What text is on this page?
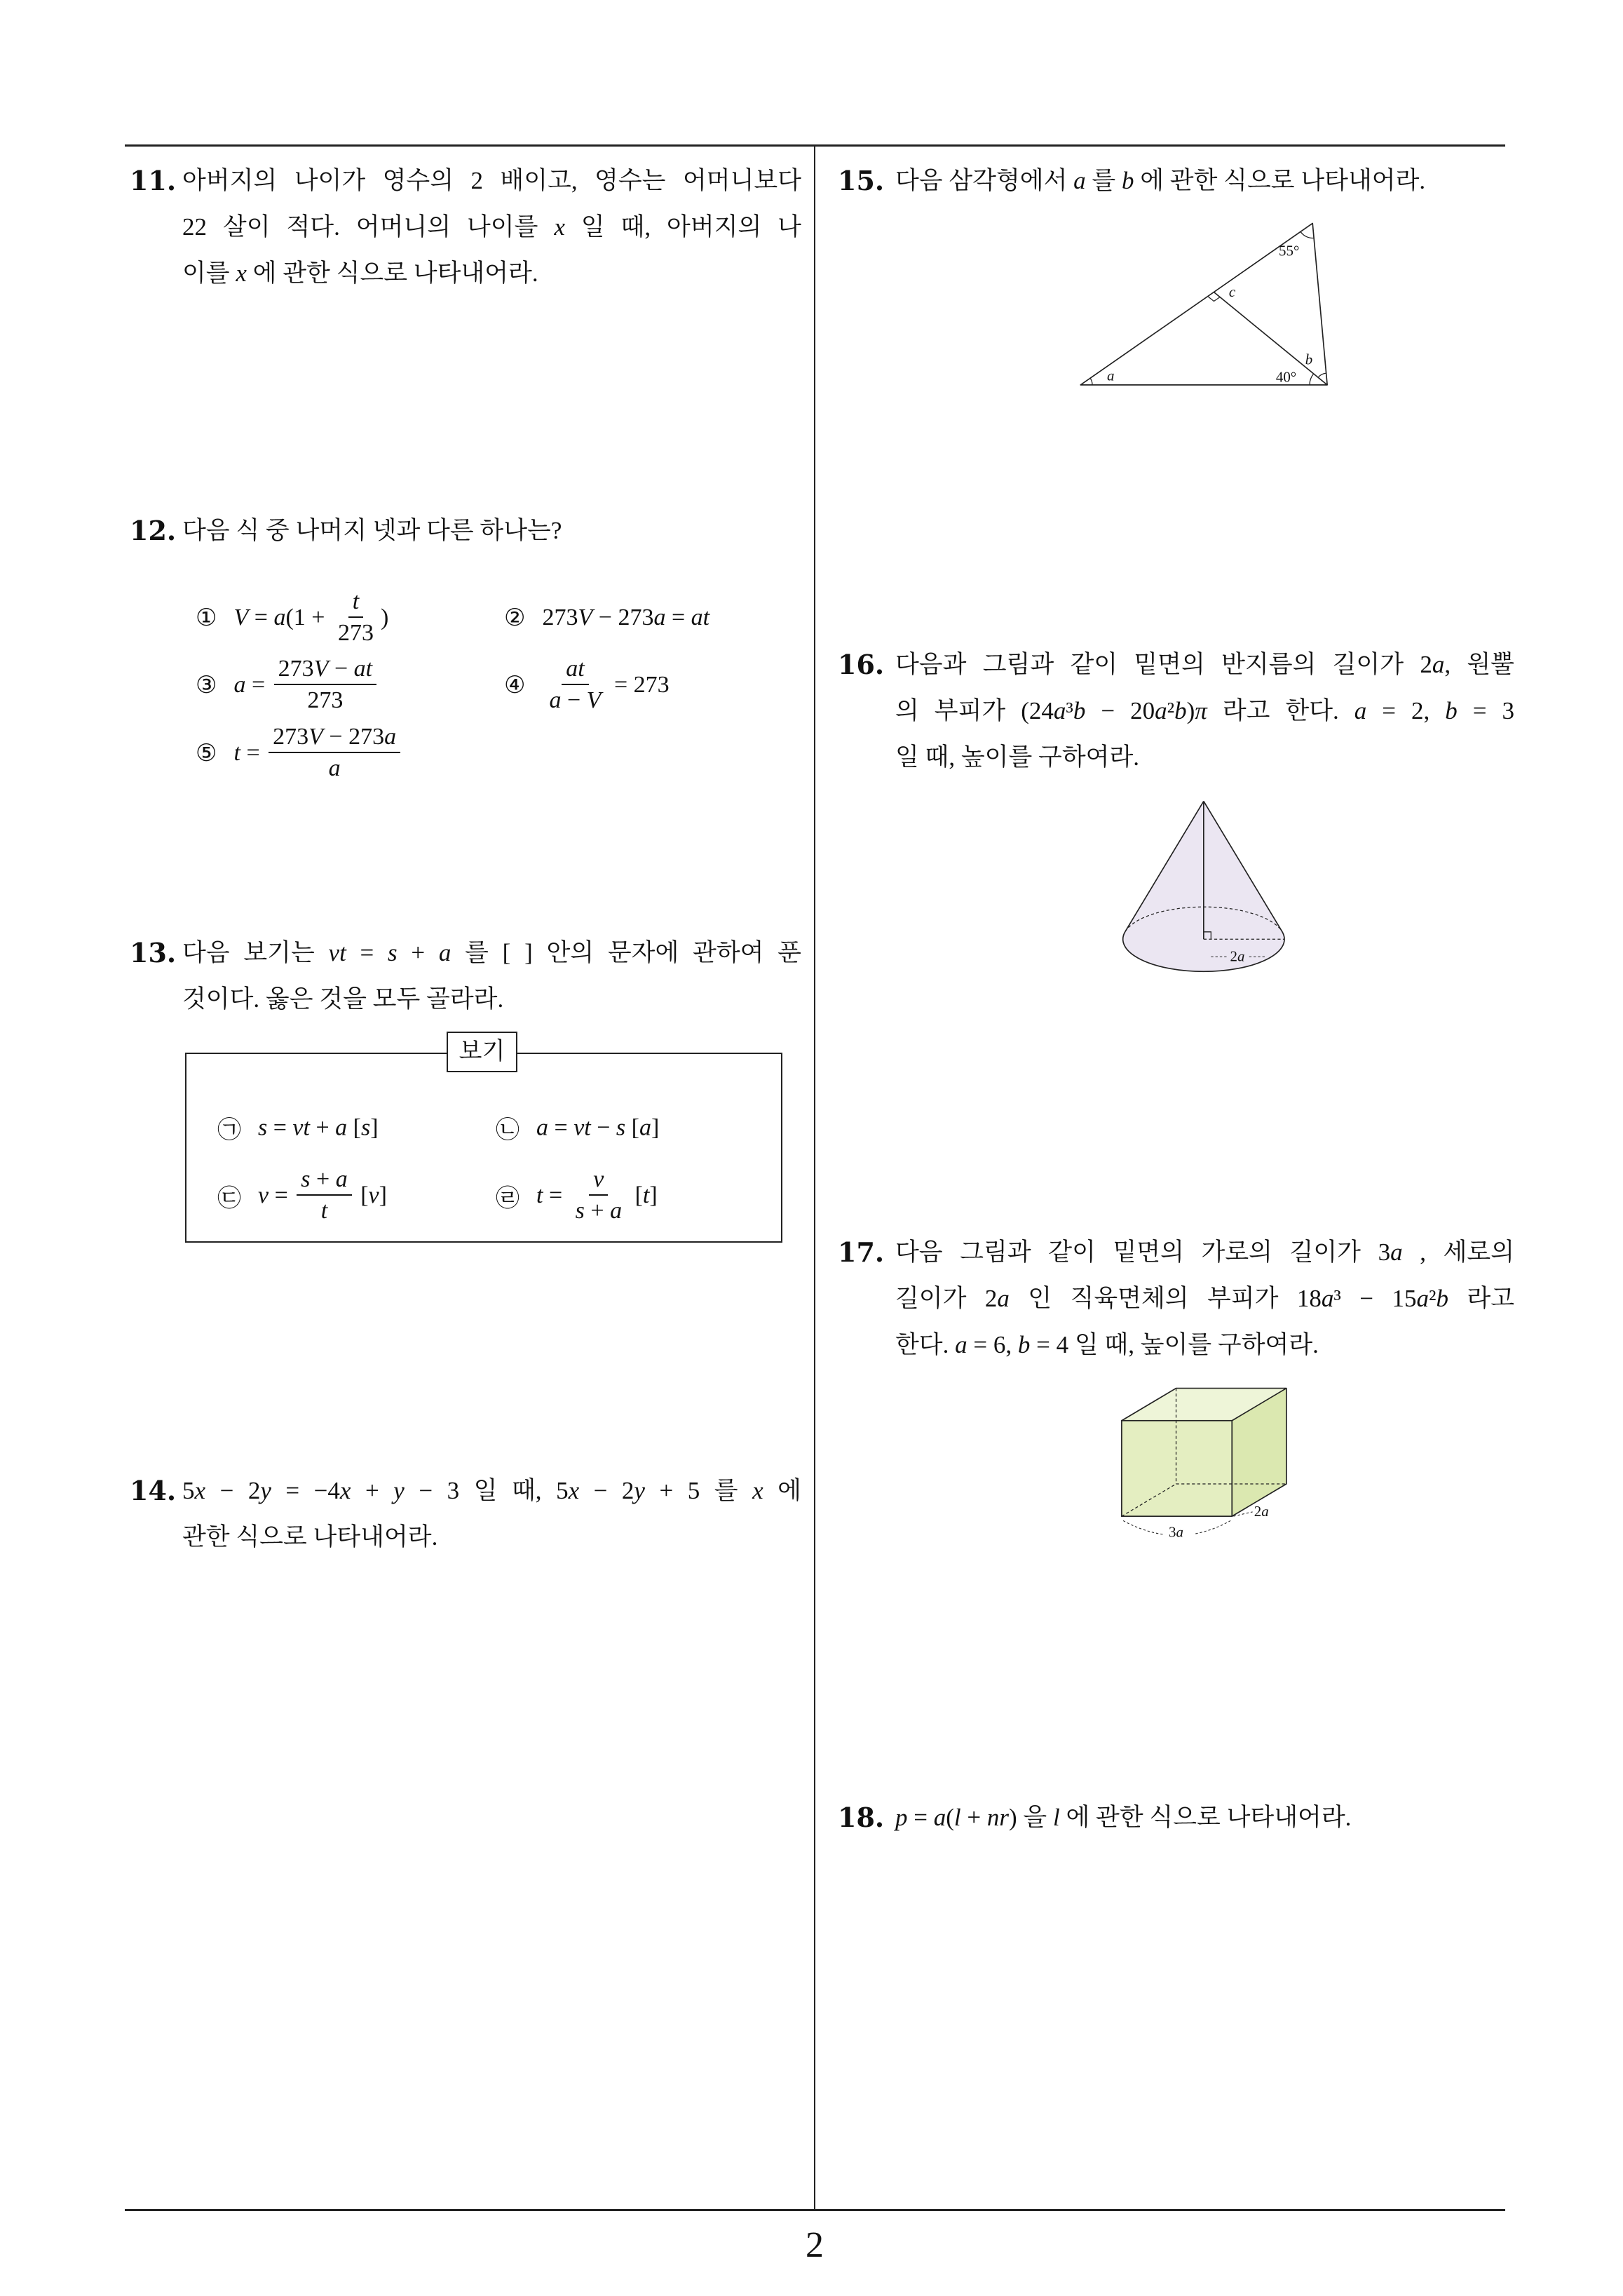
2
11. 아버지의 나이가 영수의 2 배이고, 영수는 어머니보다
22 살이 적다. 어머니의 나이를 x 일 때, 아버지의 나
이를 x 에 관한 식으로 나타내어라.
12. 다음 식 중 나머지 넷과 다른 하나는?
① $V = a(1 + \frac{t}{273}$ )	② 273V − 273a = at
③ $a = \frac{273V - at}{273}$	④ $\frac{at}{a - V} = 273$
⑤ $t = \frac{273V - 273a}{a}$
13. 다음 보기는 vt = s + a 를 [ ] 안의 문자에 관하여 푼
것이다. 옳은 것을 모두 골라라.
보기
㉠ s = vt + a [s]	㉡ a = vt − s [a]
㉢ $v = \frac{s + a}{t} [v]$	㉣ $t = \frac{v}{s + a} [t]$
14. 5x − 2y = −4x + y − 3 일 때, 5x − 2y + 5 를 x 에
관한 식으로 나타내어라.
15. 다음 삼각형에서 a 를 b 에 관한 식으로 나타내어라.
55°
c
b
40°
a
16. 다음과 그림과 같이 밑면의 반지름의 길이가 2a, 원뿔
의 부피가 (24a³b − 20a²b)π 라고 한다. a = 2, b = 3
일 때, 높이를 구하여라.
2a
17. 다음 그림과 같이 밑면의 가로의 길이가 3a , 세로의
길이가 2a 인 직육면체의 부피가 18a³ − 15a²b 라고
한다. a = 6, b = 4 일 때, 높이를 구하여라.
3a
2a
18. p = a(l + nr) 을 l 에 관한 식으로 나타내어라.
